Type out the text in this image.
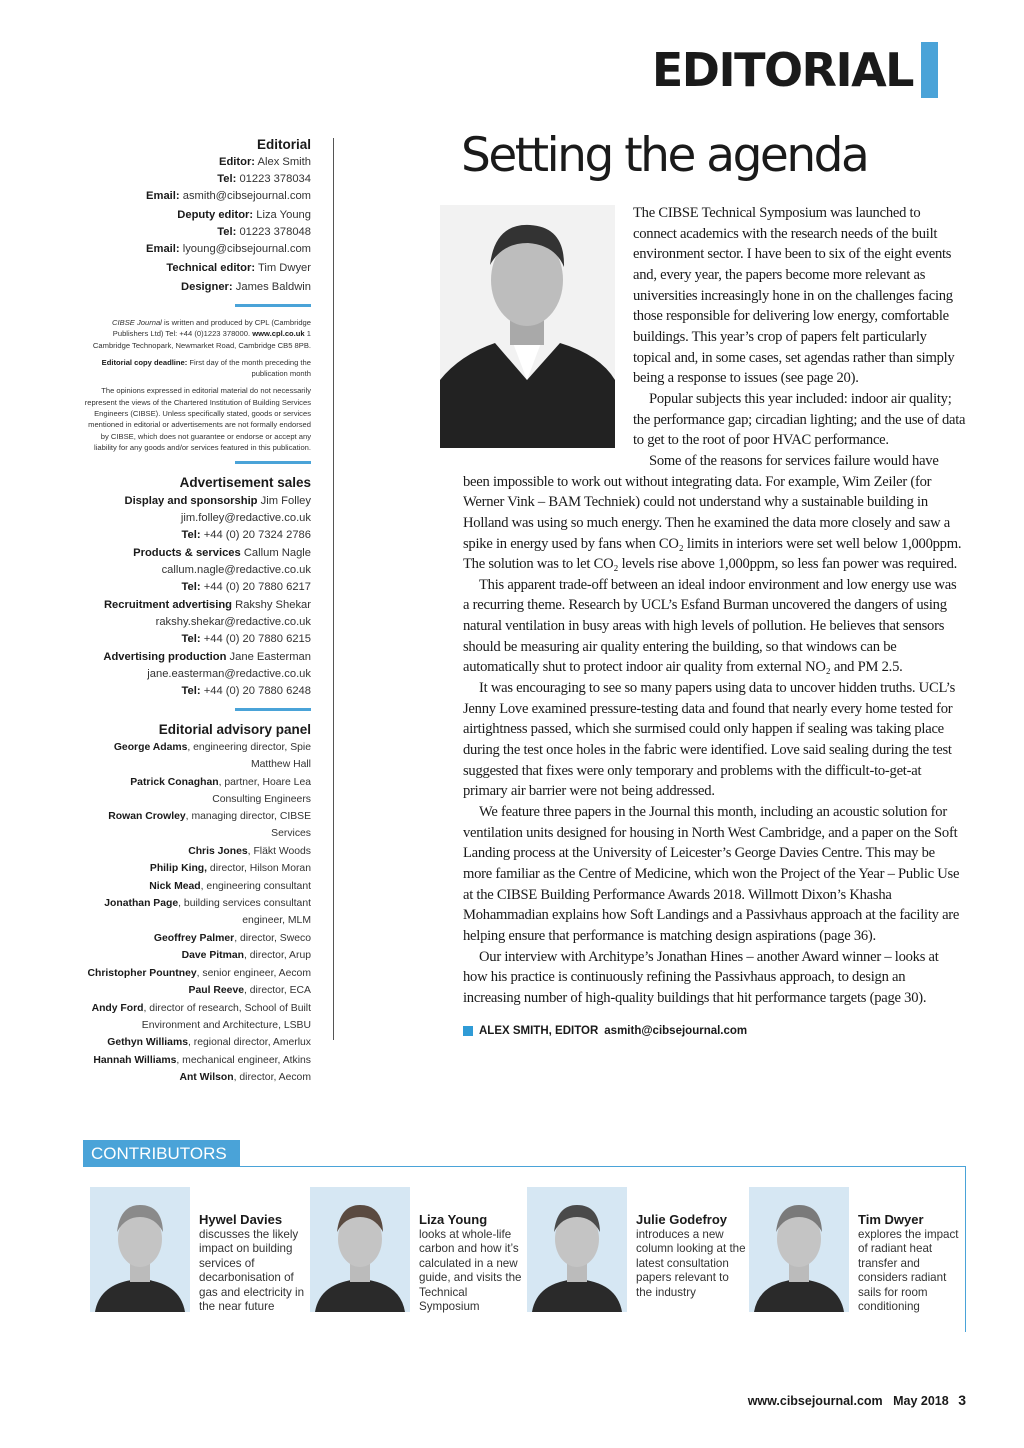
EDITORIAL
Editorial
Editor: Alex Smith
Tel: 01223 378034
Email: asmith@cibsejournal.com
Deputy editor: Liza Young
Tel: 01223 378048
Email: lyoung@cibsejournal.com
Technical editor: Tim Dwyer
Designer: James Baldwin
CIBSE Journal is written and produced by CPL (Cambridge Publishers Ltd) Tel: +44 (0)1223 378000. www.cpl.co.uk 1 Cambridge Technopark, Newmarket Road, Cambridge CB5 8PB.
Editorial copy deadline: First day of the month preceding the publication month
The opinions expressed in editorial material do not necessarily represent the views of the Chartered Institution of Building Services Engineers (CIBSE). Unless specifically stated, goods or services mentioned in editorial or advertisements are not formally endorsed by CIBSE, which does not guarantee or endorse or accept any liability for any goods and/or services featured in this publication.
Advertisement sales
Display and sponsorship Jim Folley
jim.folley@redactive.co.uk
Tel: +44 (0) 20 7324 2786
Products & services Callum Nagle
callum.nagle@redactive.co.uk
Tel: +44 (0) 20 7880 6217
Recruitment advertising Rakshy Shekar
rakshy.shekar@redactive.co.uk
Tel: +44 (0) 20 7880 6215
Advertising production Jane Easterman
jane.easterman@redactive.co.uk
Tel: +44 (0) 20 7880 6248
Editorial advisory panel
George Adams, engineering director, Spie Matthew Hall
Patrick Conaghan, partner, Hoare Lea Consulting Engineers
Rowan Crowley, managing director, CIBSE Services
Chris Jones, Fläkt Woods
Philip King, director, Hilson Moran
Nick Mead, engineering consultant
Jonathan Page, building services consultant engineer, MLM
Geoffrey Palmer, director, Sweco
Dave Pitman, director, Arup
Christopher Pountney, senior engineer, Aecom
Paul Reeve, director, ECA
Andy Ford, director of research, School of Built Environment and Architecture, LSBU
Gethyn Williams, regional director, Amerlux
Hannah Williams, mechanical engineer, Atkins
Ant Wilson, director, Aecom
Setting the agenda

The CIBSE Technical Symposium was launched to connect academics with the research needs of the built environment sector. I have been to six of the eight events and, every year, the papers become more relevant as universities increasingly hone in on the challenges facing those responsible for delivering low energy, comfortable buildings. This year’s crop of papers felt particularly topical and, in some cases, set agendas rather than simply being a response to issues (see page 20).

Popular subjects this year included: indoor air quality; the performance gap; circadian lighting; and the use of data to get to the root of poor HVAC performance.

Some of the reasons for services failure would have been impossible to work out without integrating data. For example, Wim Zeiler (for Werner Vink – BAM Techniek) could not understand why a sustainable building in Holland was using so much energy. Then he examined the data more closely and saw a spike in energy used by fans when CO₂ limits in interiors were set well below 1,000ppm. The solution was to let CO₂ levels rise above 1,000ppm, so less fan power was required.

This apparent trade-off between an ideal indoor environment and low energy use was a recurring theme. Research by UCL’s Esfand Burman uncovered the dangers of using natural ventilation in busy areas with high levels of pollution. He believes that sensors should be measuring air quality entering the building, so that windows can be automatically shut to protect indoor air quality from external NO₂ and PM 2.5.

It was encouraging to see so many papers using data to uncover hidden truths. UCL’s Jenny Love examined pressure-testing data and found that nearly every home tested for airtightness passed, which she surmised could only happen if sealing was taking place during the test once holes in the fabric were identified. Love said sealing during the test suggested that fixes were only temporary and problems with the difficult-to-get-at primary air barrier were not being addressed.

We feature three papers in the Journal this month, including an acoustic solution for ventilation units designed for housing in North West Cambridge, and a paper on the Soft Landing process at the University of Leicester’s George Davies Centre. This may be more familiar as the Centre of Medicine, which won the Project of the Year – Public Use at the CIBSE Building Performance Awards 2018. Willmott Dixon’s Khasha Mohammadian explains how Soft Landings and a Passivhaus approach at the facility are helping ensure that performance is matching design aspirations (page 36).

Our interview with Architype’s Jonathan Hines – another Award winner – looks at how his practice is continuously refining the Passivhaus approach, to design an increasing number of high-quality buildings that hit performance targets (page 30).

ALEX SMITH, EDITOR asmith@cibsejournal.com
CONTRIBUTORS
Hywel Davies
discusses the likely impact on building services of decarbonisation of gas and electricity in the near future
Liza Young
looks at whole-life carbon and how it’s calculated in a new guide, and visits the Technical Symposium
Julie Godefroy
introduces a new column looking at the latest consultation papers relevant to the industry
Tim Dwyer
explores the impact of radiant heat transfer and considers radiant sails for room conditioning
www.cibsejournal.com May 2018 3
